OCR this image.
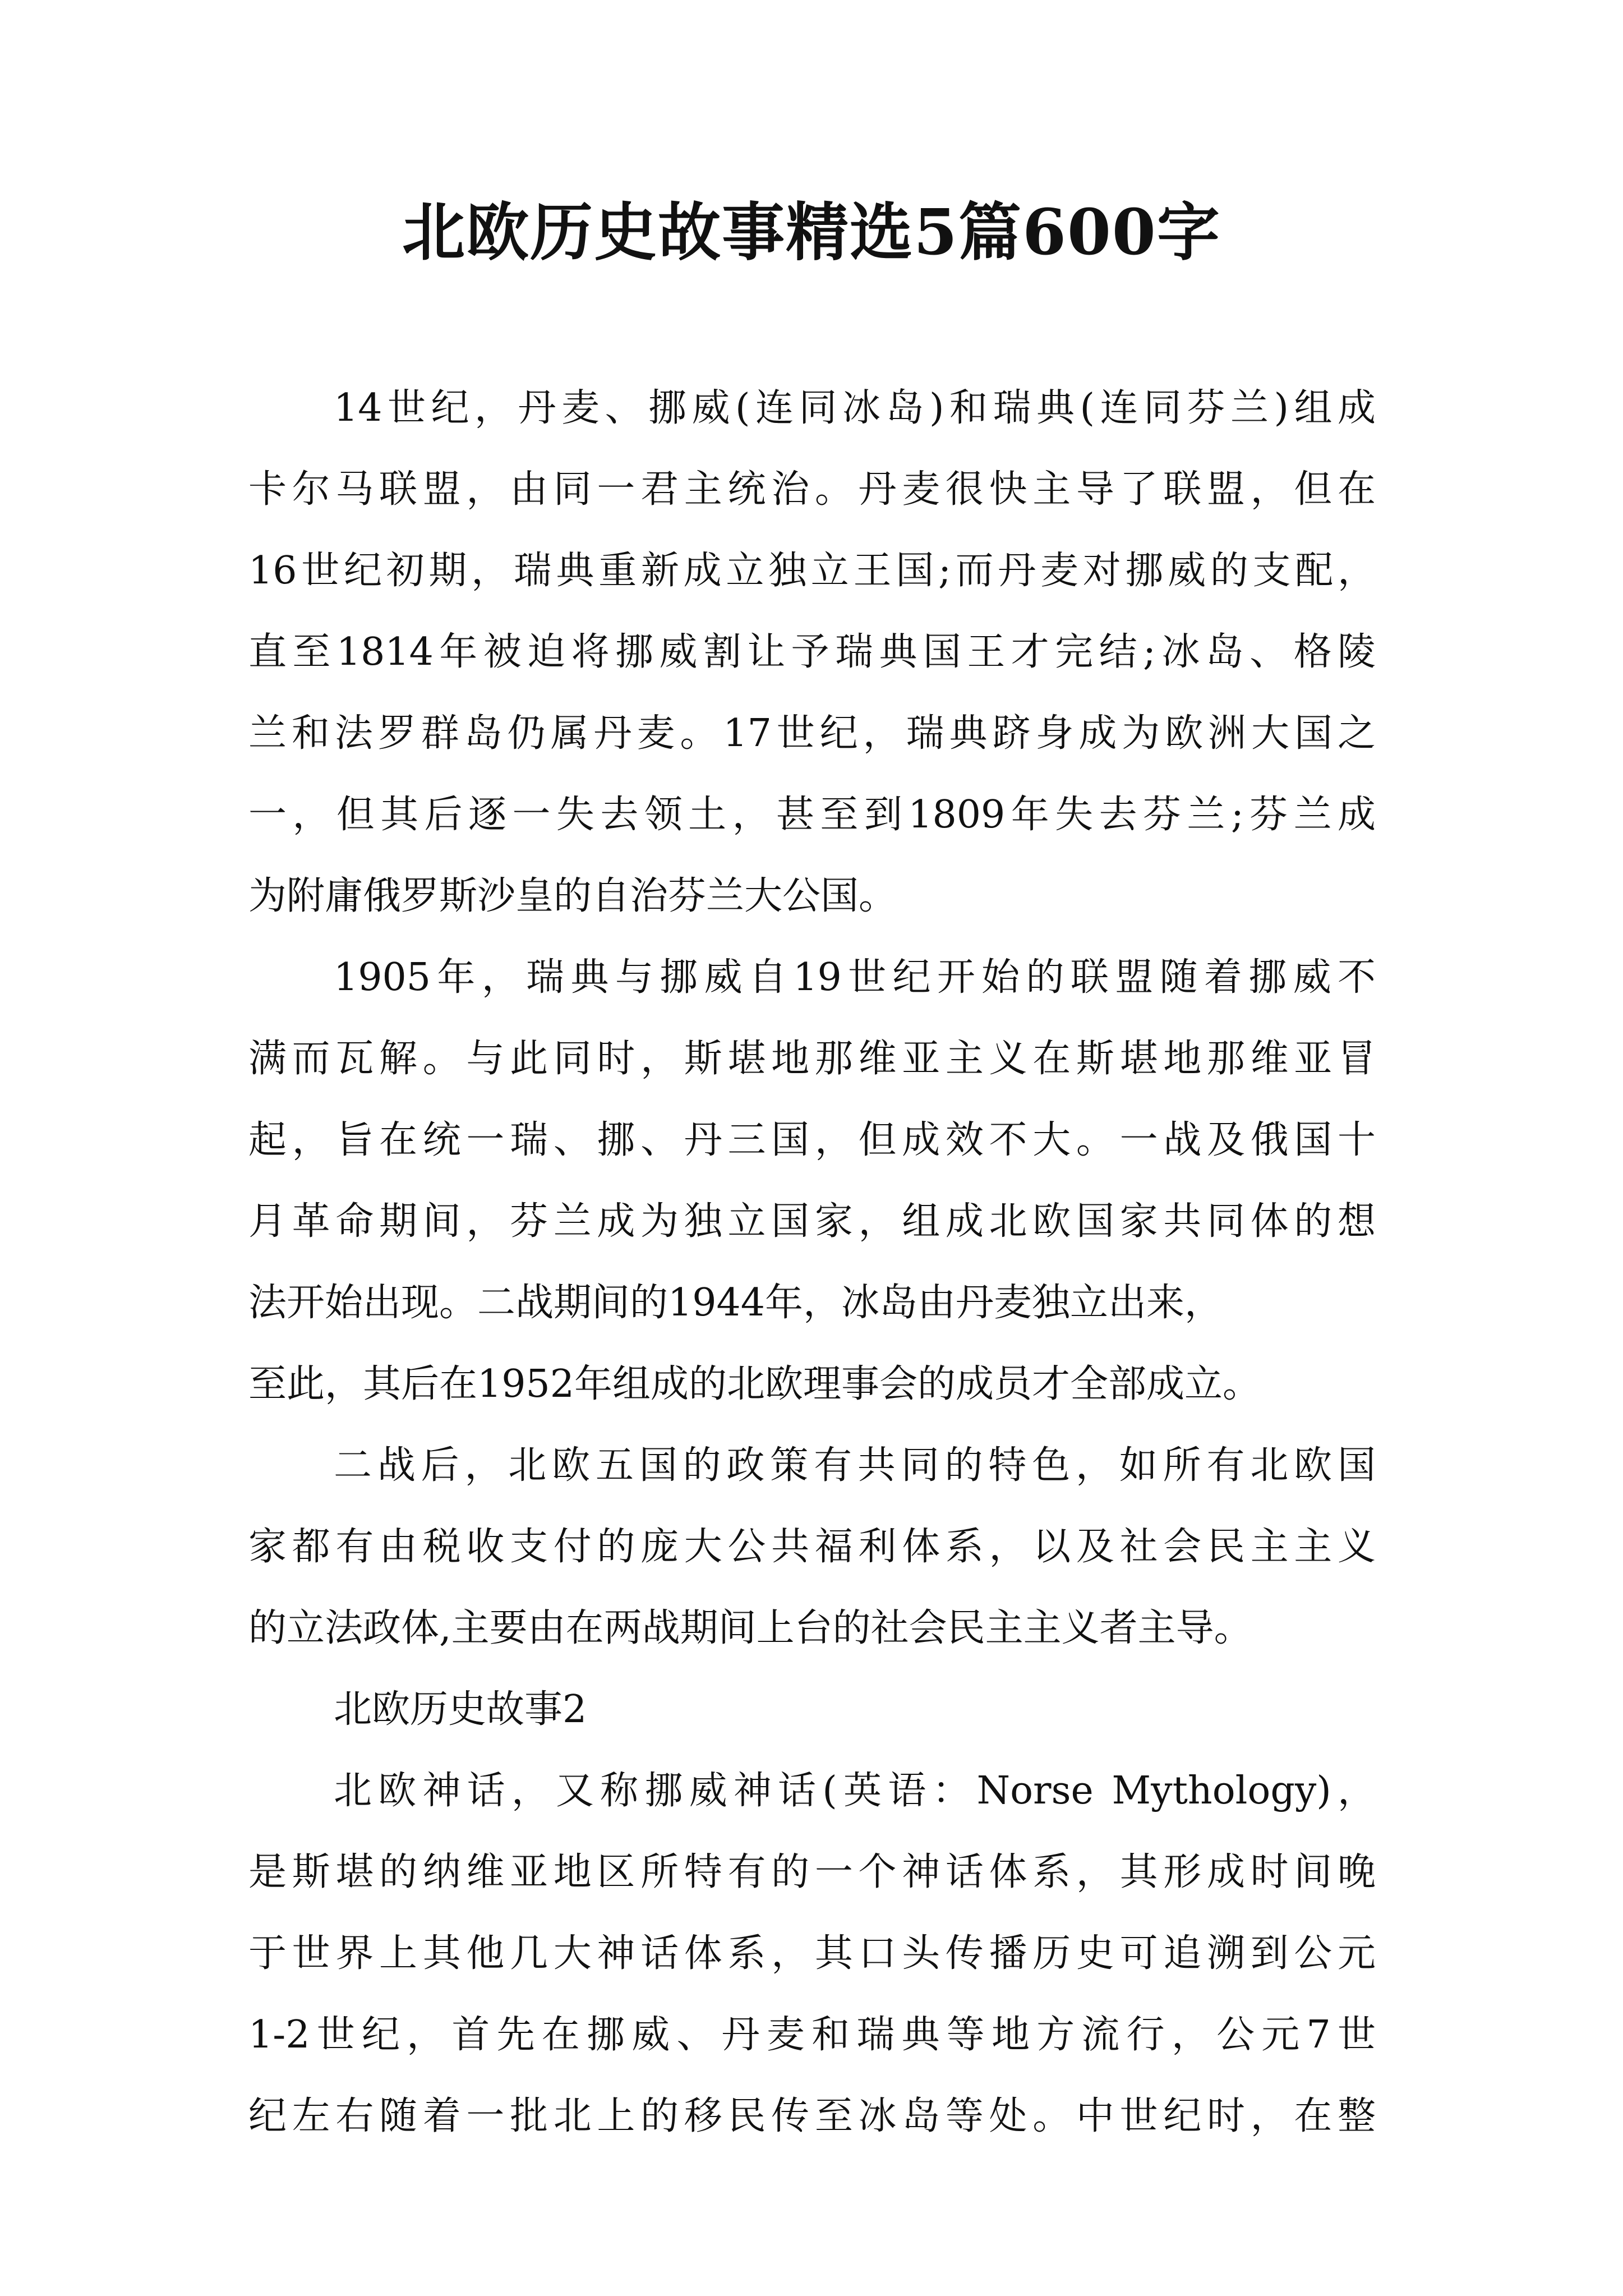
北欧历史故事精选5篇600字

14世纪，丹麦、挪威(连同冰岛)和瑞典(连同芬兰)组成
卡尔马联盟，由同一君主统治。丹麦很快主导了联盟，但在
16世纪初期，瑞典重新成立独立王国;而丹麦对挪威的支配，
直至1814年被迫将挪威割让予瑞典国王才完结;冰岛、格陵
兰和法罗群岛仍属丹麦。17世纪，瑞典跻身成为欧洲大国之
一，但其后逐一失去领土，甚至到1809年失去芬兰;芬兰成
为附庸俄罗斯沙皇的自治芬兰大公国。

1905年，瑞典与挪威自19世纪开始的联盟随着挪威不
满而瓦解。与此同时，斯堪地那维亚主义在斯堪地那维亚冒
起，旨在统一瑞、挪、丹三国，但成效不大。一战及俄国十
月革命期间，芬兰成为独立国家，组成北欧国家共同体的想
法开始出现。二战期间的1944年，冰岛由丹麦独立出来，
至此，其后在1952年组成的北欧理事会的成员才全部成立。

二战后，北欧五国的政策有共同的特色，如所有北欧国
家都有由税收支付的庞大公共福利体系，以及社会民主主义
的立法政体,主要由在两战期间上台的社会民主主义者主导。

北欧历史故事2

北欧神话，又称挪威神话(英语：Norse Mythology)，
是斯堪的纳维亚地区所特有的一个神话体系，其形成时间晚
于世界上其他几大神话体系，其口头传播历史可追溯到公元
1-2世纪，首先在挪威、丹麦和瑞典等地方流行，公元7世
纪左右随着一批北上的移民传至冰岛等处。中世纪时，在整
